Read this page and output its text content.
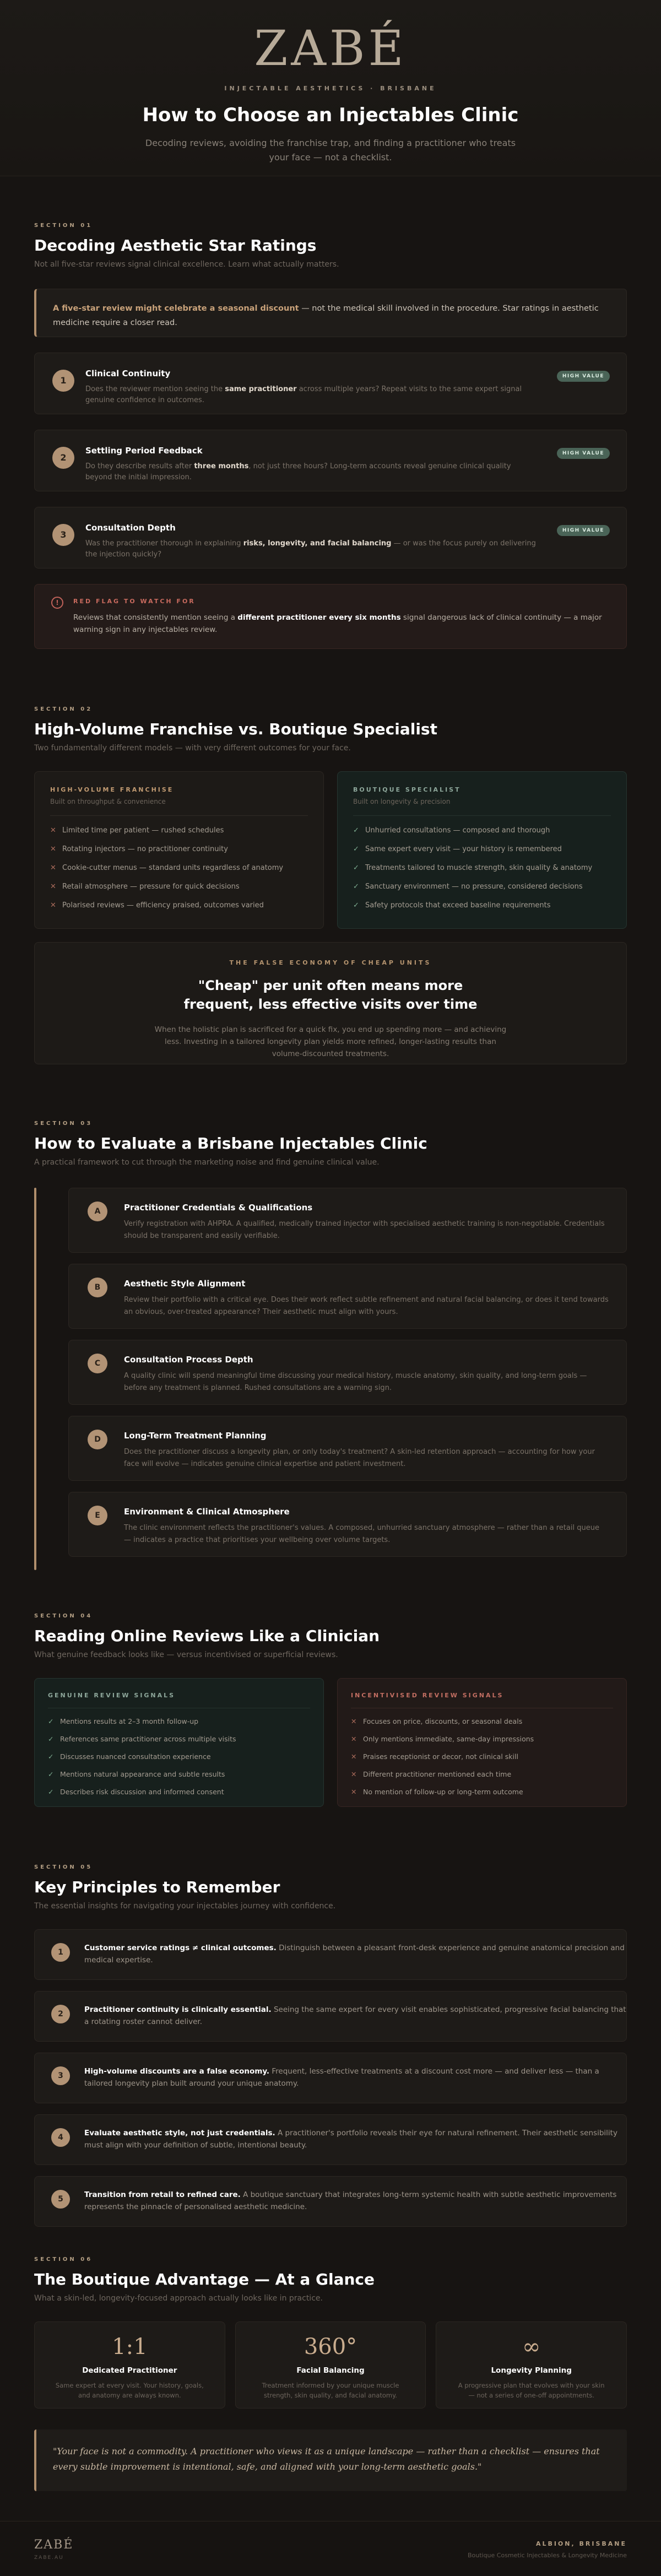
ZABÉ
INJECTABLE AESTHETICS · BRISBANE
How to Choose an Injectables Clinic

Decoding reviews, avoiding the franchise trap, and finding a practitioner who treats your face — not a checklist.

SECTION 01
Decoding Aesthetic Star Ratings

Not all five-star reviews signal clinical excellence. Learn what actually matters.

A five-star review might celebrate a seasonal discount — not the medical skill involved in the procedure. Star ratings in aesthetic medicine require a closer read.
1
Clinical Continuity

Does the reviewer mention seeing the same practitioner across multiple years? Repeat visits to the same expert signal genuine confidence in outcomes.

HIGH VALUE
2
Settling Period Feedback

Do they describe results after three months, not just three hours? Long-term accounts reveal genuine clinical quality beyond the initial impression.

HIGH VALUE
3
Consultation Depth

Was the practitioner thorough in explaining risks, longevity, and facial balancing — or was the focus purely on delivering the injection quickly?

HIGH VALUE
!	RED FLAG TO WATCH FOR

Reviews that consistently mention seeing a different practitioner every six months signal dangerous lack of clinical continuity — a major warning sign in any injectables review.

SECTION 02
High-Volume Franchise vs. Boutique Specialist

Two fundamentally different models — with very different outcomes for your face.

HIGH-VOLUME FRANCHISE
Built on throughput & convenience
✕ Limited time per patient — rushed schedules
✕ Rotating injectors — no practitioner continuity
✕ Cookie-cutter menus — standard units regardless of anatomy
✕ Retail atmosphere — pressure for quick decisions
✕ Polarised reviews — efficiency praised, outcomes varied
BOUTIQUE SPECIALIST
Built on longevity & precision
✓ Unhurried consultations — composed and thorough
✓ Same expert every visit — your history is remembered
✓ Treatments tailored to muscle strength, skin quality & anatomy
✓ Sanctuary environment — no pressure, considered decisions
✓ Safety protocols that exceed baseline requirements
THE FALSE ECONOMY OF CHEAP UNITS
"Cheap" per unit often means more frequent, less effective visits over time

When the holistic plan is sacrificed for a quick fix, you end up spending more — and achieving less. Investing in a tailored longevity plan yields more refined, longer-lasting results than volume-discounted treatments.

SECTION 03
How to Evaluate a Brisbane Injectables Clinic

A practical framework to cut through the marketing noise and find genuine clinical value.

A	Practitioner Credentials & Qualifications

Verify registration with AHPRA. A qualified, medically trained injector with specialised aesthetic training is non-negotiable. Credentials should be transparent and easily verifiable.

B	Aesthetic Style Alignment

Review their portfolio with a critical eye. Does their work reflect subtle refinement and natural facial balancing, or does it tend towards an obvious, over-treated appearance? Their aesthetic must align with yours.

C	Consultation Process Depth

A quality clinic will spend meaningful time discussing your medical history, muscle anatomy, skin quality, and long-term goals — before any treatment is planned. Rushed consultations are a warning sign.

D	Long-Term Treatment Planning

Does the practitioner discuss a longevity plan, or only today's treatment? A skin-led retention approach — accounting for how your face will evolve — indicates genuine clinical expertise and patient investment.

E	Environment & Clinical Atmosphere

The clinic environment reflects the practitioner's values. A composed, unhurried sanctuary atmosphere — rather than a retail queue — indicates a practice that prioritises your wellbeing over volume targets.

SECTION 04
Reading Online Reviews Like a Clinician

What genuine feedback looks like — versus incentivised or superficial reviews.

GENUINE REVIEW SIGNALS
✓ Mentions results at 2–3 month follow-up
✓ References same practitioner across multiple visits
✓ Discusses nuanced consultation experience
✓ Mentions natural appearance and subtle results
✓ Describes risk discussion and informed consent
INCENTIVISED REVIEW SIGNALS
✕ Focuses on price, discounts, or seasonal deals
✕ Only mentions immediate, same-day impressions
✕ Praises receptionist or decor, not clinical skill
✕ Different practitioner mentioned each time
✕ No mention of follow-up or long-term outcome
SECTION 05
Key Principles to Remember

The essential insights for navigating your injectables journey with confidence.

1	Customer service ratings ≠ clinical outcomes. Distinguish between a pleasant front-desk experience and genuine anatomical precision and medical expertise.

2	Practitioner continuity is clinically essential. Seeing the same expert for every visit enables sophisticated, progressive facial balancing that a rotating roster cannot deliver.

3	High-volume discounts are a false economy. Frequent, less-effective treatments at a discount cost more — and deliver less — than a tailored longevity plan built around your unique anatomy.

4	Evaluate aesthetic style, not just credentials. A practitioner's portfolio reveals their eye for natural refinement. Their aesthetic sensibility must align with your definition of subtle, intentional beauty.

5	Transition from retail to refined care. A boutique sanctuary that integrates long-term systemic health with subtle aesthetic improvements represents the pinnacle of personalised aesthetic medicine.

SECTION 06
The Boutique Advantage — At a Glance

What a skin-led, longevity-focused approach actually looks like in practice.

1:1
Dedicated Practitioner
Same expert at every visit. Your history, goals, and anatomy are always known.
360°
Facial Balancing
Treatment informed by your unique muscle strength, skin quality, and facial anatomy.
∞
Longevity Planning
A progressive plan that evolves with your skin — not a series of one-off appointments.
"Your face is not a commodity. A practitioner who views it as a unique landscape — rather than a checklist — ensures that every subtle improvement is intentional, safe, and aligned with your long-term aesthetic goals."
ZABÉ
ZABE.AU
ALBION, BRISBANE
Boutique Cosmetic Injectables & Longevity Medicine
